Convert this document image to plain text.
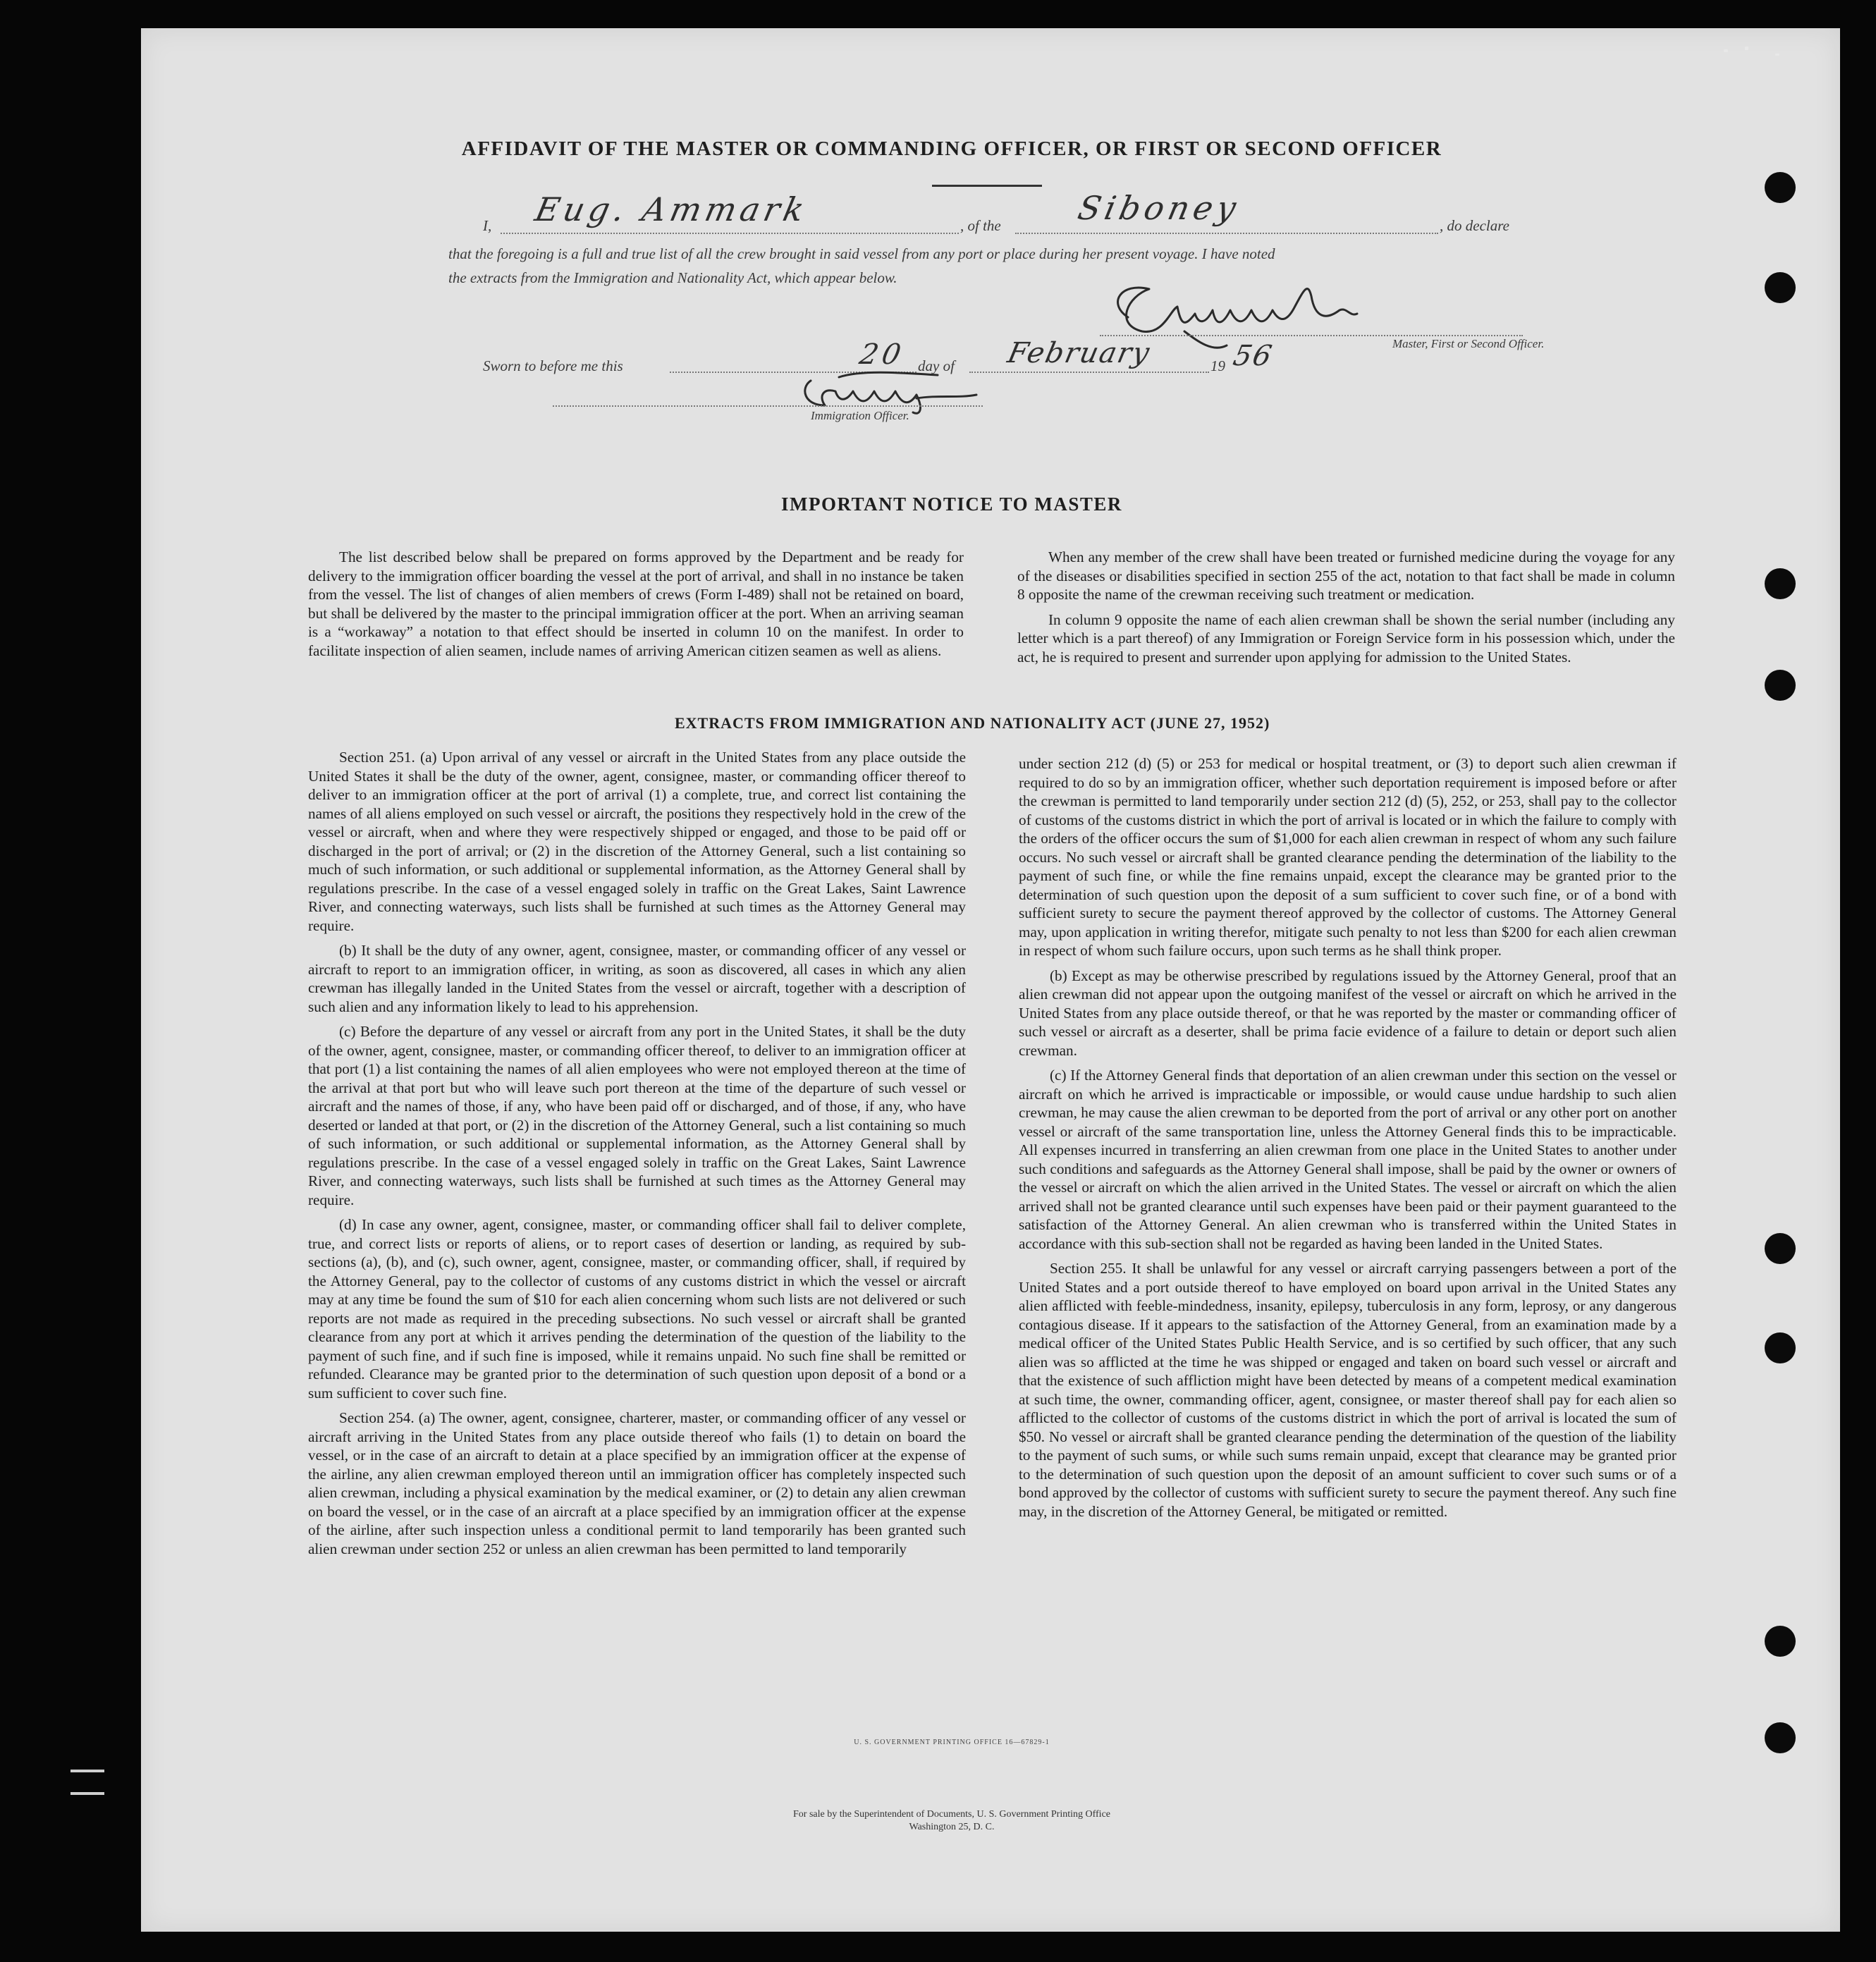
AFFIDAVIT OF THE MASTER OR COMMANDING OFFICER, OR FIRST OR SECOND OFFICER
I, Eug. Ammark	, of the Siboney	, do declare
that the foregoing is a full and true list of all the crew brought in said vessel from any port or place during her present voyage. I have noted
the extracts from the Immigration and Nationality Act, which appear below.
Master, First or Second Officer.
Sworn to before me this	20 day of February	19 56
Immigration Officer.
IMPORTANT NOTICE TO MASTER

The list described below shall be prepared on forms approved by the Department and be ready for delivery to the immigration officer boarding the vessel at the port of arrival, and shall in no instance be taken from the vessel. The list of changes of alien members of crews (Form I-489) shall not be retained on board, but shall be delivered by the master to the principal immigration officer at the port. When an arriving seaman is a “workaway” a notation to that effect should be inserted in column 10 on the manifest. In order to facilitate inspection of alien seamen, include names of arriving American citizen seamen as well as aliens.

When any member of the crew shall have been treated or furnished medicine during the voyage for any of the diseases or disabilities specified in section 255 of the act, notation to that fact shall be made in column 8 opposite the name of the crewman receiving such treatment or medication.

In column 9 opposite the name of each alien crewman shall be shown the serial number (including any letter which is a part thereof) of any Immigration or Foreign Service form in his possession which, under the act, he is required to present and surrender upon applying for admission to the United States.

EXTRACTS FROM IMMIGRATION AND NATIONALITY ACT (JUNE 27, 1952)

Section 251. (a) Upon arrival of any vessel or aircraft in the United States from any place outside the United States it shall be the duty of the owner, agent, consignee, master, or commanding officer thereof to deliver to an immigration officer at the port of arrival (1) a complete, true, and correct list containing the names of all aliens employed on such vessel or aircraft, the positions they respectively hold in the crew of the vessel or aircraft, when and where they were respectively shipped or engaged, and those to be paid off or discharged in the port of arrival; or (2) in the discretion of the Attorney General, such a list containing so much of such information, or such additional or supplemental information, as the Attorney General shall by regulations prescribe. In the case of a vessel engaged solely in traffic on the Great Lakes, Saint Lawrence River, and connecting waterways, such lists shall be furnished at such times as the Attorney General may require.

(b) It shall be the duty of any owner, agent, consignee, master, or commanding officer of any vessel or aircraft to report to an immigration officer, in writing, as soon as discovered, all cases in which any alien crewman has illegally landed in the United States from the vessel or aircraft, together with a description of such alien and any information likely to lead to his apprehension.

(c) Before the departure of any vessel or aircraft from any port in the United States, it shall be the duty of the owner, agent, consignee, master, or commanding officer thereof, to deliver to an immigration officer at that port (1) a list containing the names of all alien employees who were not employed thereon at the time of the arrival at that port but who will leave such port thereon at the time of the departure of such vessel or aircraft and the names of those, if any, who have been paid off or discharged, and of those, if any, who have deserted or landed at that port, or (2) in the discretion of the Attorney General, such a list containing so much of such information, or such additional or supplemental information, as the Attorney General shall by regulations prescribe. In the case of a vessel engaged solely in traffic on the Great Lakes, Saint Lawrence River, and connecting waterways, such lists shall be furnished at such times as the Attorney General may require.

(d) In case any owner, agent, consignee, master, or commanding officer shall fail to deliver complete, true, and correct lists or reports of aliens, or to report cases of desertion or landing, as required by sub-sections (a), (b), and (c), such owner, agent, consignee, master, or commanding officer, shall, if required by the Attorney General, pay to the collector of customs of any customs district in which the vessel or aircraft may at any time be found the sum of $10 for each alien concerning whom such lists are not delivered or such reports are not made as required in the preceding subsections. No such vessel or aircraft shall be granted clearance from any port at which it arrives pending the determination of the question of the liability to the payment of such fine, and if such fine is imposed, while it remains unpaid. No such fine shall be remitted or refunded. Clearance may be granted prior to the determination of such question upon deposit of a bond or a sum sufficient to cover such fine.

Section 254. (a) The owner, agent, consignee, charterer, master, or commanding officer of any vessel or aircraft arriving in the United States from any place outside thereof who fails (1) to detain on board the vessel, or in the case of an aircraft to detain at a place specified by an immigration officer at the expense of the airline, any alien crewman employed thereon until an immigration officer has completely inspected such alien crewman, including a physical examination by the medical examiner, or (2) to detain any alien crewman on board the vessel, or in the case of an aircraft at a place specified by an immigration officer at the expense of the airline, after such inspection unless a conditional permit to land temporarily has been granted such alien crewman under section 252 or unless an alien crewman has been permitted to land temporarily

under section 212 (d) (5) or 253 for medical or hospital treatment, or (3) to deport such alien crewman if required to do so by an immigration officer, whether such deportation requirement is imposed before or after the crewman is permitted to land temporarily under section 212 (d) (5), 252, or 253, shall pay to the collector of customs of the customs district in which the port of arrival is located or in which the failure to comply with the orders of the officer occurs the sum of $1,000 for each alien crewman in respect of whom any such failure occurs. No such vessel or aircraft shall be granted clearance pending the determination of the liability to the payment of such fine, or while the fine remains unpaid, except the clearance may be granted prior to the determination of such question upon the deposit of a sum sufficient to cover such fine, or of a bond with sufficient surety to secure the payment thereof approved by the collector of customs. The Attorney General may, upon application in writing therefor, mitigate such penalty to not less than $200 for each alien crewman in respect of whom such failure occurs, upon such terms as he shall think proper.

(b) Except as may be otherwise prescribed by regulations issued by the Attorney General, proof that an alien crewman did not appear upon the outgoing manifest of the vessel or aircraft on which he arrived in the United States from any place outside thereof, or that he was reported by the master or commanding officer of such vessel or aircraft as a deserter, shall be prima facie evidence of a failure to detain or deport such alien crewman.

(c) If the Attorney General finds that deportation of an alien crewman under this section on the vessel or aircraft on which he arrived is impracticable or impossible, or would cause undue hardship to such alien crewman, he may cause the alien crewman to be deported from the port of arrival or any other port on another vessel or aircraft of the same transportation line, unless the Attorney General finds this to be impracticable. All expenses incurred in transferring an alien crewman from one place in the United States to another under such conditions and safeguards as the Attorney General shall impose, shall be paid by the owner or owners of the vessel or aircraft on which the alien arrived in the United States. The vessel or aircraft on which the alien arrived shall not be granted clearance until such expenses have been paid or their payment guaranteed to the satisfaction of the Attorney General. An alien crewman who is transferred within the United States in accordance with this sub-section shall not be regarded as having been landed in the United States.

Section 255. It shall be unlawful for any vessel or aircraft carrying passengers between a port of the United States and a port outside thereof to have employed on board upon arrival in the United States any alien afflicted with feeble-mindedness, insanity, epilepsy, tuberculosis in any form, leprosy, or any dangerous contagious disease. If it appears to the satisfaction of the Attorney General, from an examination made by a medical officer of the United States Public Health Service, and is so certified by such officer, that any such alien was so afflicted at the time he was shipped or engaged and taken on board such vessel or aircraft and that the existence of such affliction might have been detected by means of a competent medical examination at such time, the owner, commanding officer, agent, consignee, or master thereof shall pay for each alien so afflicted to the collector of customs of the customs district in which the port of arrival is located the sum of $50. No vessel or aircraft shall be granted clearance pending the determination of the question of the liability to the payment of such sums, or while such sums remain unpaid, except that clearance may be granted prior to the determination of such question upon the deposit of an amount sufficient to cover such sums or of a bond approved by the collector of customs with sufficient surety to secure the payment thereof. Any such fine may, in the discretion of the Attorney General, be mitigated or remitted.

U. S. GOVERNMENT PRINTING OFFICE 16—67829-1
For sale by the Superintendent of Documents, U. S. Government Printing Office
Washington 25, D. C.
